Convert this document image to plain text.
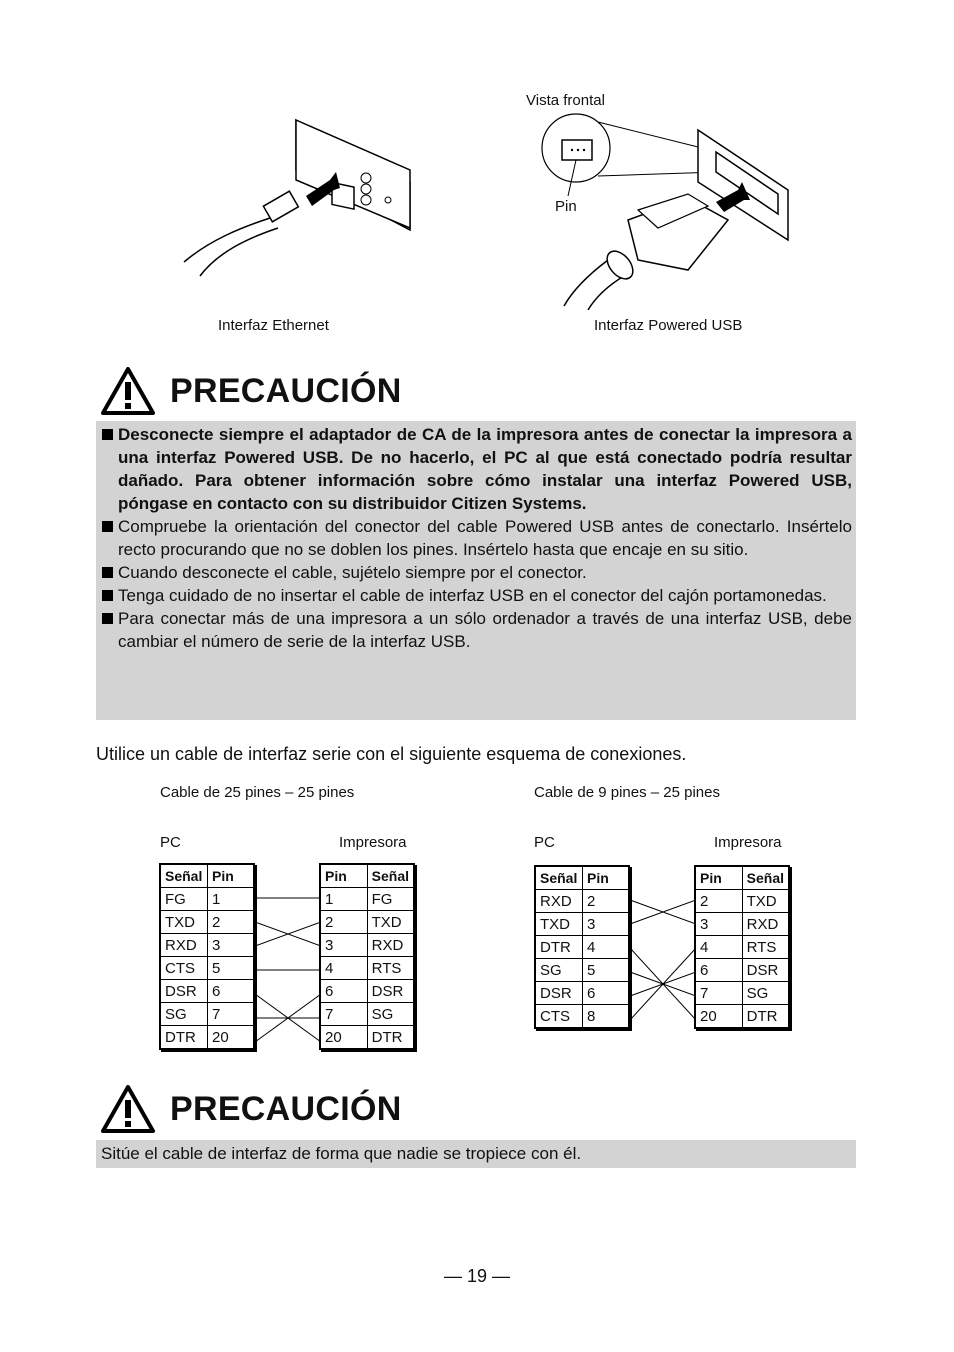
Vista frontal
Pin
Interfaz Ethernet	Interfaz Powered USB
PRECAUCIÓN
Desconecte siempre el adaptador de CA de la impresora antes de conectar la impresora a una interfaz Powered USB. De no hacerlo, el PC al que está conectado podría resultar dañado. Para obtener información sobre cómo instalar una interfaz Powered USB, póngase en contacto con su distribuidor Citizen Systems.
Compruebe la orientación del conector del cable Powered USB antes de conectarlo. Insértelo recto procurando que no se doblen los pines. Insértelo hasta que encaje en su sitio.
Cuando desconecte el cable, sujételo siempre por el conector.
Tenga cuidado de no insertar el cable de interfaz USB en el conector del cajón portamonedas.
Para conectar más de una impresora a un sólo ordenador a través de una interfaz USB, debe cambiar el número de serie de la interfaz USB.
Utilice un cable de interfaz serie con el siguiente esquema de conexiones.
Cable de 25 pines – 25 pines
PC	Impresora
Señal	Pin
FG	1
TXD	2
RXD	3
CTS	5
DSR	6
SG	7
DTR	20
Pin	Señal
1	FG
2	TXD
3	RXD
4	RTS
6	DSR
7	SG
20	DTR
Cable de 9 pines – 25 pines
PC	Impresora
Señal	Pin
RXD	2
TXD	3
DTR	4
SG	5
DSR	6
CTS	8
Pin	Señal
2	TXD
3	RXD
4	RTS
6	DSR
7	SG
20	DTR
PRECAUCIÓN
Sitúe el cable de interfaz de forma que nadie se tropiece con él.
— 19 —
